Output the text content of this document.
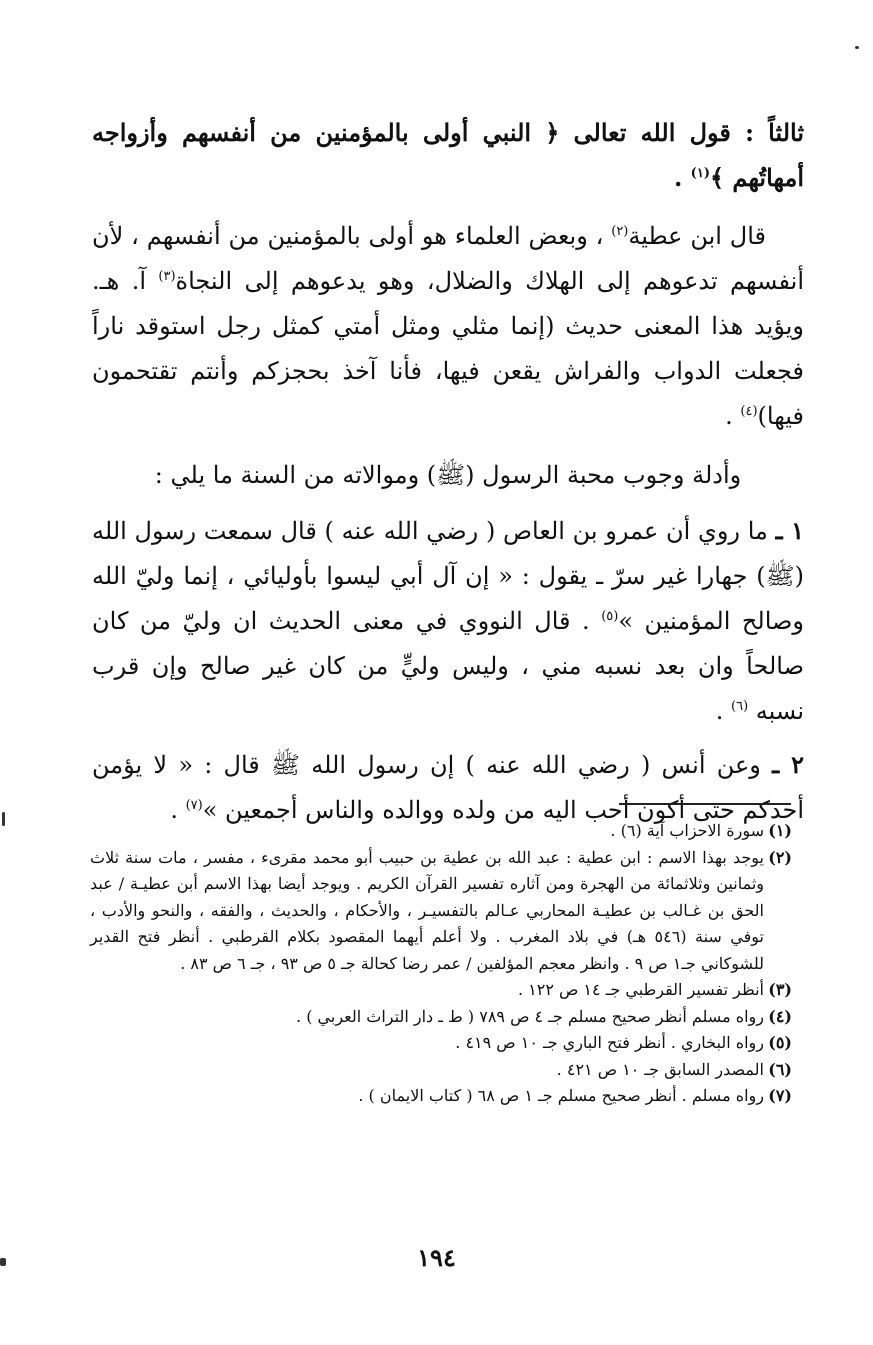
ثالثاً : قول الله تعالى ﴿ النبي أولى بالمؤمنين من أنفسهم وأزواجه أمهاتُهم ﴾$^{(١)}$ .

قال ابن عطية$^{(٢)}$ ، وبعض العلماء هو أولى بالمؤمنين من أنفسهم ، لأن أنفسهم تدعوهم إلى الهلاك والضلال، وهو يدعوهم إلى النجاة$^{(٣)}$ آ. هـ. ويؤيد هذا المعنى حديث (إنما مثلي ومثل أمتي كمثل رجل استوقد ناراً فجعلت الدواب والفراش يقعن فيها، فأنا آخذ بحجزكم وأنتم تقتحمون فيها)$^{(٤)}$ .

وأدلة وجوب محبة الرسول (ﷺ) وموالاته من السنة ما يلي :

١ ـ ما روي أن عمرو بن العاص ( رضي الله عنه ) قال سمعت رسول الله (ﷺ) جهارا غير سرّ ـ يقول : « إن آل أبي ليسوا بأوليائي ، إنما وليّ الله وصالح المؤمنين »$^{(٥)}$ . قال النووي في معنى الحديث ان وليّ من كان صالحاً وان بعد نسبه مني ، وليس وليٍّ من كان غير صالح وإن قرب نسبه $^{(٦)}$ .

٢ ـ وعن أنس ( رضي الله عنه ) إن رسول الله ﷺ قال : « لا يؤمن أحدكم حتى أكون أحب اليه من ولده ووالده والناس أجمعين »$^{(٧)}$ .

(١)سورة الاحزاب آية (٦) .

(٢)يوجد بهذا الاسم : ابن عطية : عبد الله بن عطية بن حبيب أبو محمد مقرىء ، مفسر ، مات سنة ثلاث وثمانين وثلاثمائة من الهجرة ومن آثاره تفسير القرآن الكريم . ويوجد أيضا بهذا الاسم أبن عطيـة / عبد الحق بن غـالب بن عطيـة المحاربي عـالم بالتفسيـر ، والأحكام ، والحديث ، والفقه ، والنحو والأدب ، توفي سنة (٥٤٦ هـ) في بلاد المغرب . ولا أعلم أيهما المقصود بكلام القرطبي . أنظر فتح القدير للشوكاني جـ١ ص ٩ . وانظر معجم المؤلفين / عمر رضا كحالة جـ ٥ ص ٩٣ ، جـ ٦ ص ٨٣ .

(٣)أنظر تفسير القرطبي جـ ١٤ ص ١٢٢ .

(٤)رواه مسلم أنظر صحيح مسلم جـ ٤ ص ٧٨٩ ( ط ـ دار التراث العربي ) .

(٥)رواه البخاري . أنظر فتح الباري جـ ١٠ ص ٤١٩ .

(٦)المصدر السابق جـ ١٠ ص ٤٢١ .

(٧)رواه مسلم . أنظر صحيح مسلم جـ ١ ص ٦٨ ( كتاب الايمان ) .

١٩٤
